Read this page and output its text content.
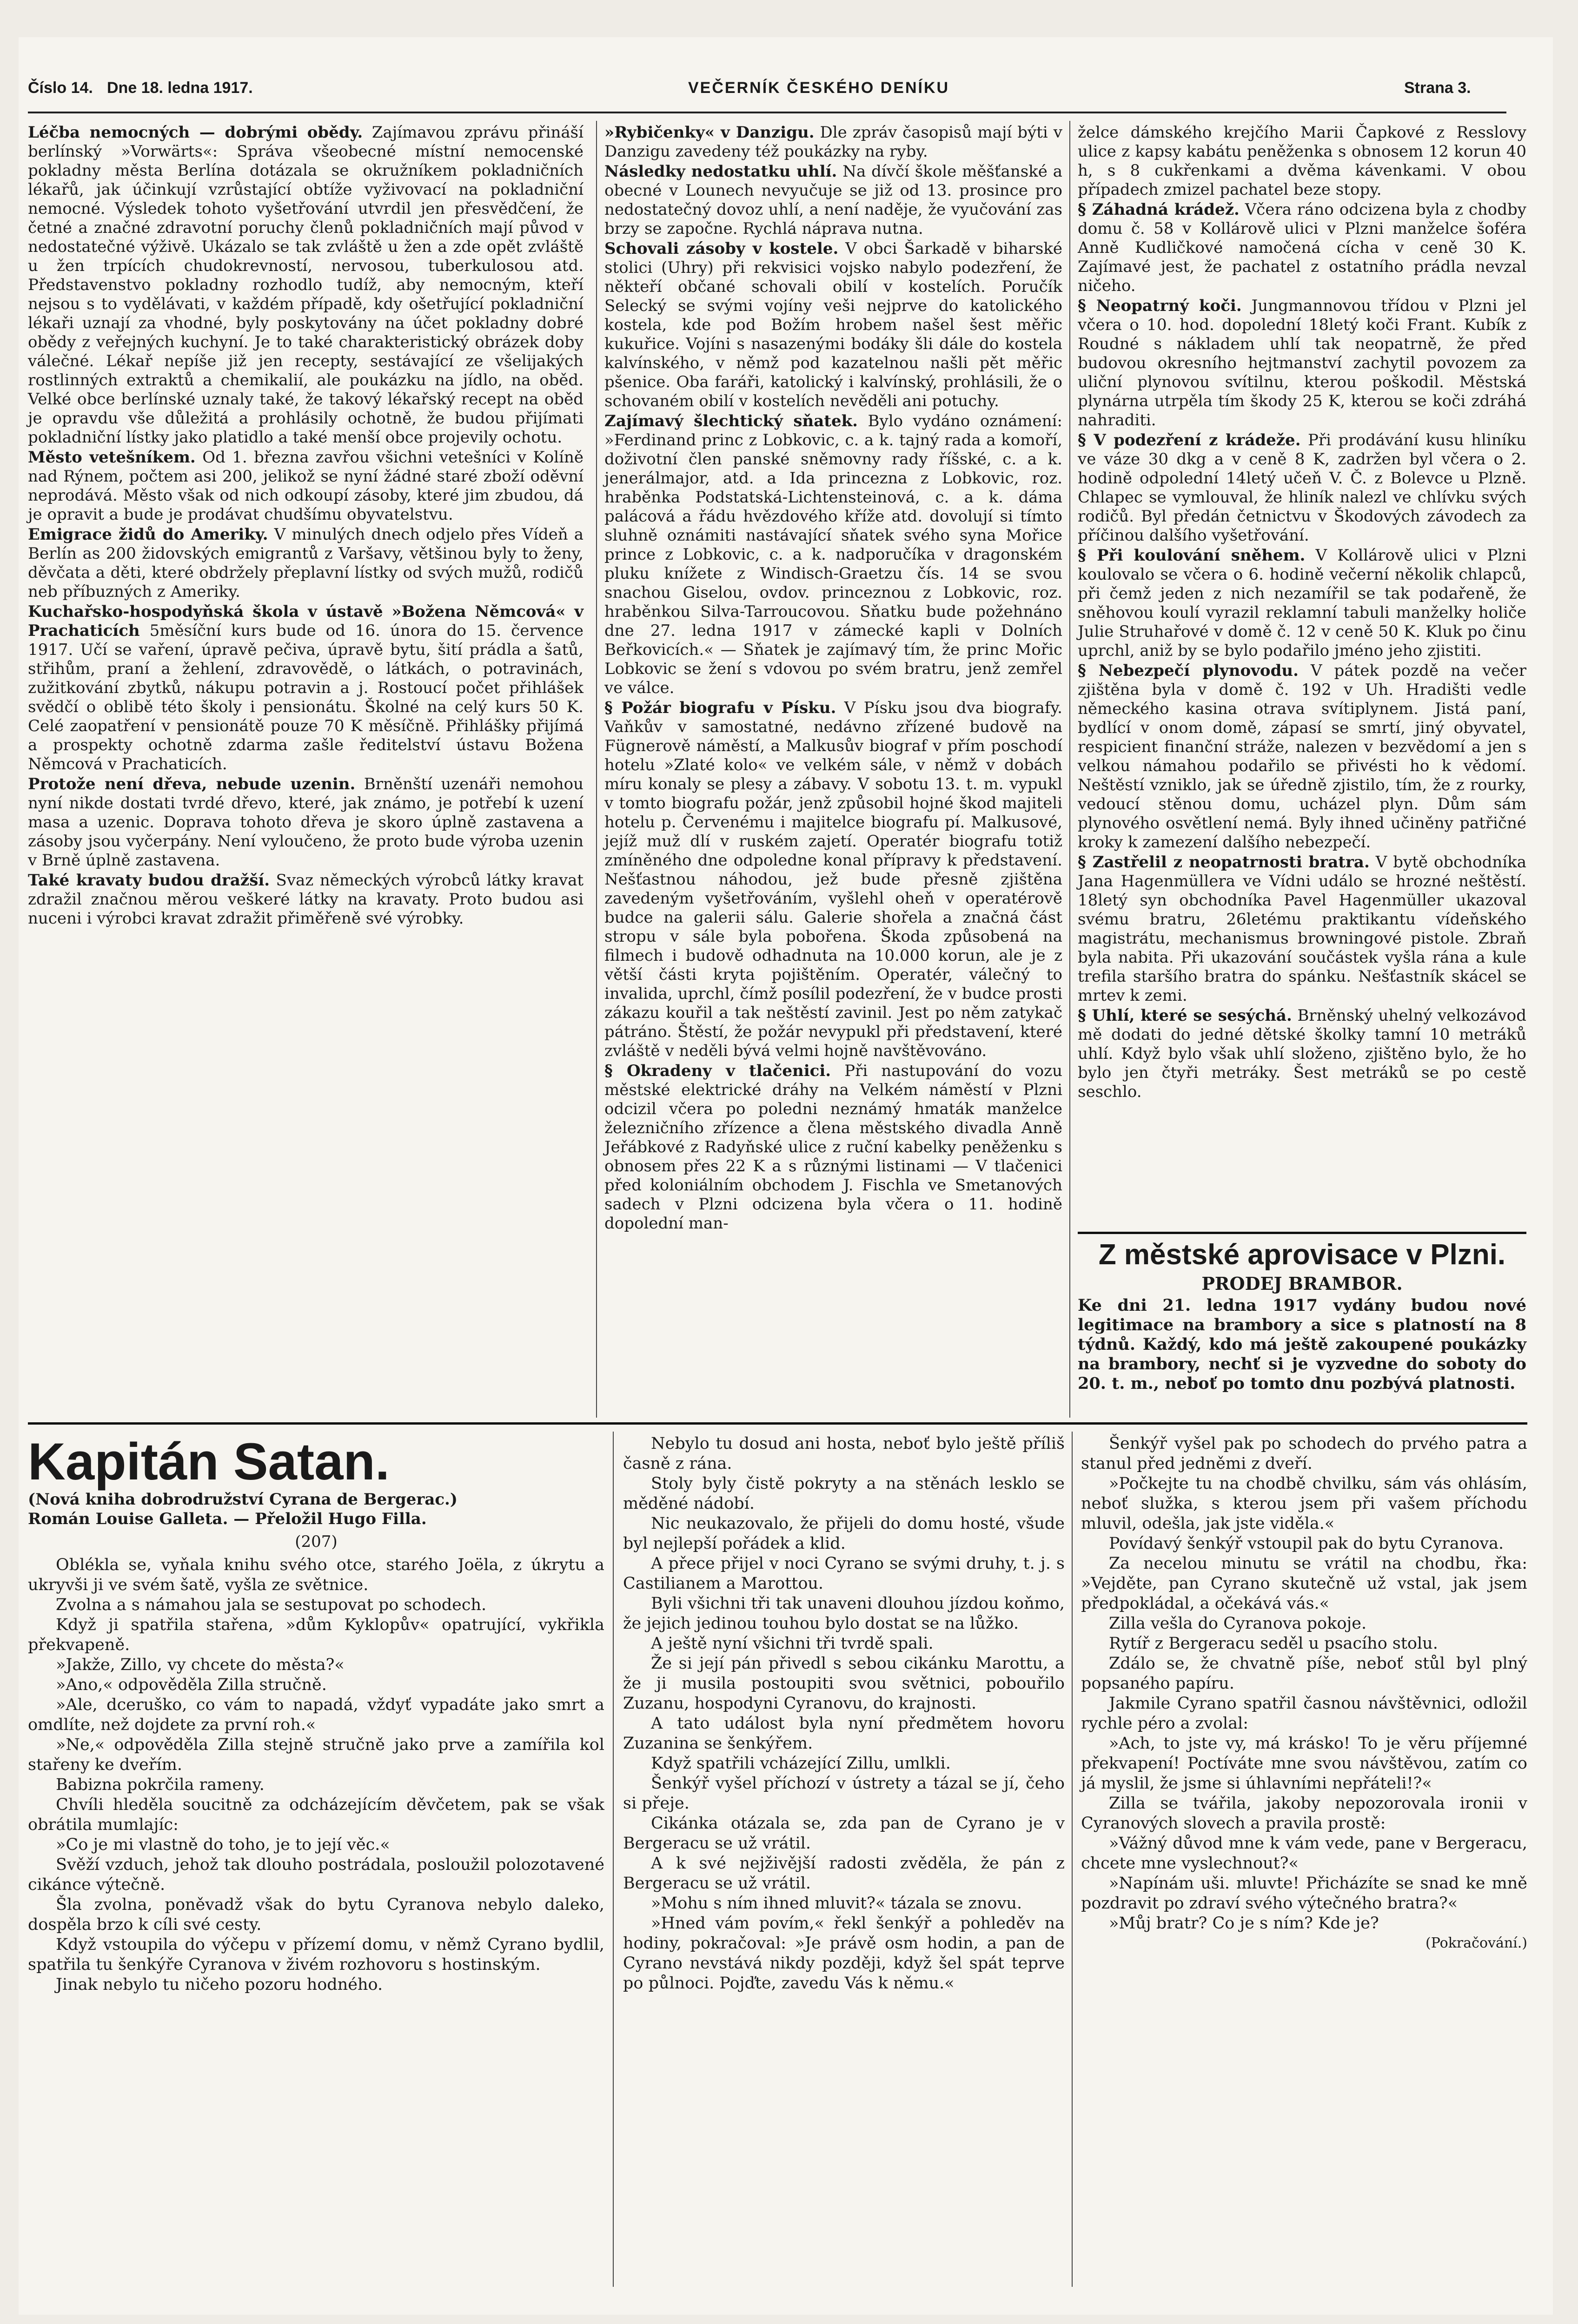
Číslo 14. Dne 18. ledna 1917.	VEČERNÍK ČESKÉHO DENÍKU	Strana 3.

Léčba nemocných — dobrými obědy. Zajímavou zprávu přináší berlínský »Vorwärts«: Správa všeobecné místní nemocenské pokladny města Berlína dotázala se okružníkem pokladničních lékařů, jak účinkují vzrůstající obtíže vyživovací na pokladniční nemocné. Výsledek tohoto vyšetřování utvrdil jen přesvědčení, že četné a značné zdravotní poruchy členů pokladničních mají původ v nedostatečné výživě. Ukázalo se tak zvláště u žen a zde opět zvláště u žen trpících chudokrevností, nervosou, tuberkulosou atd. Představenstvo pokladny rozhodlo tudíž, aby nemocným, kteří nejsou s to vydělávati, v každém případě, kdy ošetřující pokladniční lékaři uznají za vhodné, byly poskytovány na účet pokladny dobré obědy z veřejných kuchyní. Je to také charakteristický obrázek doby válečné. Lékař nepíše již jen recepty, sestávající ze všelijakých rostlinných extraktů a chemikalií, ale poukázku na jídlo, na oběd. Velké obce berlínské uznaly také, že takový lékařský recept na oběd je opravdu vše důležitá a prohlásily ochotně, že budou přijímati pokladniční lístky jako platidlo a také menší obce projevily ochotu.

Město vetešníkem. Od 1. března zavřou všichni vetešníci v Kolíně nad Rýnem, počtem asi 200, jelikož se nyní žádné staré zboží oděvní neprodává. Město však od nich odkoupí zásoby, které jim zbudou, dá je opravit a bude je prodávat chudšímu obyvatelstvu.

Emigrace židů do Ameriky. V minulých dnech odjelo přes Vídeň a Berlín as 200 židovských emigrantů z Varšavy, většinou byly to ženy, děvčata a děti, které obdržely přeplavní lístky od svých mužů, rodičů neb příbuzných z Ameriky.

Kuchařsko-hospodyňská škola v ústavě »Božena Němcová« v Prachaticích 5měsíční kurs bude od 16. února do 15. července 1917. Učí se vaření, úpravě pečiva, úpravě bytu, šití prádla a šatů, střihům, praní a žehlení, zdravovědě, o látkách, o potravinách, zužitkování zbytků, nákupu potravin a j. Rostoucí počet přihlášek svědčí o oblibě této školy i pensionátu. Školné na celý kurs 50 K. Celé zaopatření v pensionátě pouze 70 K měsíčně. Přihlášky přijímá a prospekty ochotně zdarma zašle ředitelství ústavu Božena Němcová v Prachaticích.

Protože není dřeva, nebude uzenin. Brněnští uzenáři nemohou nyní nikde dostati tvrdé dřevo, které, jak známo, je potřebí k uzení masa a uzenic. Doprava tohoto dřeva je skoro úplně zastavena a zásoby jsou vyčerpány. Není vyloučeno, že proto bude výroba uzenin v Brně úplně zastavena.

Také kravaty budou dražší. Svaz německých výrobců látky kravat zdražil značnou měrou veškeré látky na kravaty. Proto budou asi nuceni i výrobci kravat zdražit přiměřeně své výrobky.

»Rybičenky« v Danzigu. Dle zpráv časopisů mají býti v Danzigu zavedeny též poukázky na ryby.

Následky nedostatku uhlí. Na dívčí škole měšťanské a obecné v Lounech nevyučuje se již od 13. prosince pro nedostatečný dovoz uhlí, a není naděje, že vyučování zas brzy se započne. Rychlá náprava nutna.

Schovali zásoby v kostele. V obci Šarkadě v biharské stolici (Uhry) při rekvisici vojsko nabylo podezření, že někteří občané schovali obilí v kostelích. Poručík Selecký se svými vojíny veši nejprve do katolického kostela, kde pod Božím hrobem našel šest měřic kukuřice. Vojíni s nasazenými bodáky šli dále do kostela kalvínského, v němž pod kazatelnou našli pět měřic pšenice. Oba faráři, katolický i kalvínský, prohlásili, že o schovaném obilí v kostelích nevěděli ani potuchy.

Zajímavý šlechtický sňatek. Bylo vydáno oznámení: »Ferdinand princ z Lobkovic, c. a k. tajný rada a komoří, doživotní člen panské sněmovny rady říšské, c. a k. jenerálmajor, atd. a Ida princezna z Lobkovic, roz. hraběnka Podstatská-Lichtensteinová, c. a k. dáma palácová a řádu hvězdového kříže atd. dovolují si tímto sluhně oznámiti nastávající sňatek svého syna Mořice prince z Lobkovic, c. a k. nadporučíka v dragonském pluku knížete z Windisch-Graetzu čís. 14 se svou snachou Giselou, ovdov. princeznou z Lobkovic, roz. hraběnkou Silva-Tarroucovou. Sňatku bude požehnáno dne 27. ledna 1917 v zámecké kapli v Dolních Beřkovicích.« — Sňatek je zajímavý tím, že princ Mořic Lobkovic se žení s vdovou po svém bratru, jenž zemřel ve válce.

§ Požár biografu v Písku. V Písku jsou dva biografy. Vaňkův v samostatné, nedávno zřízené budově na Fügnerově náměstí, a Malkusův biograf v přím poschodí hotelu »Zlaté kolo« ve velkém sále, v němž v dobách míru konaly se plesy a zábavy. V sobotu 13. t. m. vypukl v tomto biografu požár, jenž způsobil hojné škod majiteli hotelu p. Červenému i majitelce biografu pí. Malkusové, jejíž muž dlí v ruském zajetí. Operatér biografu totiž zmíněného dne odpoledne konal přípravy k představení. Nešťastnou náhodou, jež bude přesně zjištěna zavedeným vyšetřováním, vyšlehl oheň v operatérově budce na galerii sálu. Galerie shořela a značná část stropu v sále byla pobořena. Škoda způsobená na filmech i budově odhadnuta na 10.000 korun, ale je z větší části kryta pojištěním. Operatér, válečný to invalida, uprchl, čímž posílil podezření, že v budce prosti zákazu kouřil a tak neštěstí zavinil. Jest po něm zatykač pátráno. Štěstí, že požár nevypukl při představení, které zvláště v neděli bývá velmi hojně navštěvováno.

§ Okradeny v tlačenici. Při nastupování do vozu městské elektrické dráhy na Velkém náměstí v Plzni odcizil včera po poledni neznámý hmaták manželce železničního zřízence a člena městského divadla Anně Jeřábkové z Radyňské ulice z ruční kabelky peněženku s obnosem přes 22 K a s různými listinami — V tlačenici před koloniálním obchodem J. Fischla ve Smetanových sadech v Plzni odcizena byla včera o 11. hodině dopolední man-

želce dámského krejčího Marii Čapkové z Resslovy ulice z kapsy kabátu peněženka s obnosem 12 korun 40 h, s 8 cukřenkami a dvěma kávenkami. V obou případech zmizel pachatel beze stopy.

§ Záhadná krádež. Včera ráno odcizena byla z chodby domu č. 58 v Kollárově ulici v Plzni manželce šoféra Anně Kudličkové namočená cícha v ceně 30 K. Zajímavé jest, že pachatel z ostatního prádla nevzal ničeho.

§ Neopatrný koči. Jungmannovou třídou v Plzni jel včera o 10. hod. dopolední 18letý koči Frant. Kubík z Roudné s nákladem uhlí tak neopatrně, že před budovou okresního hejtmanství zachytil povozem za uliční plynovou svítilnu, kterou poškodil. Městská plynárna utrpěla tím škody 25 K, kterou se koči zdráhá nahraditi.

§ V podezření z krádeže. Při prodávání kusu hliníku ve váze 30 dkg a v ceně 8 K, zadržen byl včera o 2. hodině odpolední 14letý učeň V. Č. z Bolevce u Plzně. Chlapec se vymlouval, že hliník nalezl ve chlívku svých rodičů. Byl předán četnictvu v Škodových závodech za příčinou dalšího vyšetřování.

§ Při koulování sněhem. V Kollárově ulici v Plzni koulovalo se včera o 6. hodině večerní několik chlapců, při čemž jeden z nich nezamířil se tak podařeně, že sněhovou koulí vyrazil reklamní tabuli manželky holiče Julie Struhařové v domě č. 12 v ceně 50 K. Kluk po činu uprchl, aniž by se bylo podařilo jméno jeho zjistiti.

§ Nebezpečí plynovodu. V pátek pozdě na večer zjištěna byla v domě č. 192 v Uh. Hradišti vedle německého kasina otrava svítiplynem. Jistá paní, bydlící v onom domě, zápasí se smrtí, jiný obyvatel, respicient finanční stráže, nalezen v bezvědomí a jen s velkou námahou podařilo se přivésti ho k vědomí. Neštěstí vzniklo, jak se úředně zjistilo, tím, že z rourky, vedoucí stěnou domu, ucházel plyn. Dům sám plynového osvětlení nemá. Byly ihned učiněny patřičné kroky k zamezení dalšího nebezpečí.

§ Zastřelil z neopatrnosti bratra. V bytě obchodníka Jana Hagenmüllera ve Vídni událo se hrozné neštěstí. 18letý syn obchodníka Pavel Hagenmüller ukazoval svému bratru, 26letému praktikantu vídeňského magistrátu, mechanismus browningové pistole. Zbraň byla nabita. Při ukazování součástek vyšla rána a kule trefila staršího bratra do spánku. Nešťastník skácel se mrtev k zemi.

§ Uhlí, které se sesýchá. Brněnský uhelný velkozávod mě dodati do jedné dětské školky tamní 10 metráků uhlí. Když bylo však uhlí složeno, zjištěno bylo, že ho bylo jen čtyři metráky. Šest metráků se po cestě seschlo.

Z městské aprovisace v Plzni.
PRODEJ BRAMBOR.
Ke dni 21. ledna 1917 vydány budou nové legitimace na brambory a sice s platností na 8 týdnů. Každý, kdo má ještě zakoupené poukázky na brambory, nechť si je vyzvedne do soboty do 20. t. m., neboť po tomto dnu pozbývá platnosti.
Kapitán Satan.
(Nová kniha dobrodružství Cyrana de Bergerac.)
Román Louise Galleta. — Přeložil Hugo Filla.
(207)

Oblékla se, vyňala knihu svého otce, starého Joëla, z úkrytu a ukryvši ji ve svém šatě, vyšla ze světnice.

Zvolna a s námahou jala se sestupovat po schodech.

Když ji spatřila stařena, »dům Kyklopův« opatrující, vykřikla překvapeně.

»Jakže, Zillo, vy chcete do města?«

»Ano,« odpověděla Zilla stručně.

»Ale, dceruško, co vám to napadá, vždyť vypadáte jako smrt a omdlíte, než dojdete za první roh.«

»Ne,« odpověděla Zilla stejně stručně jako prve a zamířila kol stařeny ke dveřím.

Babizna pokrčila rameny.

Chvíli hleděla soucitně za odcházejícím děvčetem, pak se však obrátila mumlajíc:

»Co je mi vlastně do toho, je to její věc.«

Svěží vzduch, jehož tak dlouho postrádala, posloužil polozotavené cikánce výtečně.

Šla zvolna, poněvadž však do bytu Cyranova nebylo daleko, dospěla brzo k cíli své cesty.

Když vstoupila do výčepu v přízemí domu, v němž Cyrano bydlil, spatřila tu šenkýře Cyranova v živém rozhovoru s hostinským.

Jinak nebylo tu ničeho pozoru hodného.

Nebylo tu dosud ani hosta, neboť bylo ještě příliš časně z rána.

Stoly byly čistě pokryty a na stěnách lesklo se měděné nádobí.

Nic neukazovalo, že přijeli do domu hosté, všude byl nejlepší pořádek a klid.

A přece přijel v noci Cyrano se svými druhy, t. j. s Castilianem a Marottou.

Byli všichni tři tak unaveni dlouhou jízdou koňmo, že jejich jedinou touhou bylo dostat se na lůžko.

A ještě nyní všichni tři tvrdě spali.

Že si její pán přivedl s sebou cikánku Marottu, a že ji musila postoupiti svou světnici, pobouřilo Zuzanu, hospodyni Cyranovu, do krajnosti.

A tato událost byla nyní předmětem hovoru Zuzanina se šenkýřem.

Když spatřili vcházející Zillu, umlkli.

Šenkýř vyšel příchozí v ústrety a tázal se jí, čeho si přeje.

Cikánka otázala se, zda pan de Cyrano je v Bergeracu se už vrátil.

A k své nejživější radosti zvěděla, že pán z Bergeracu se už vrátil.

»Mohu s ním ihned mluvit?« tázala se znovu.

»Hned vám povím,« řekl šenkýř a pohleděv na hodiny, pokračoval: »Je právě osm hodin, a pan de Cyrano nevstává nikdy později, když šel spát teprve po půlnoci. Pojďte, zavedu Vás k němu.«

Šenkýř vyšel pak po schodech do prvého patra a stanul před jedněmi z dveří.

»Počkejte tu na chodbě chvilku, sám vás ohlásím, neboť služka, s kterou jsem při vašem příchodu mluvil, odešla, jak jste viděla.«

Povídavý šenkýř vstoupil pak do bytu Cyranova.

Za necelou minutu se vrátil na chodbu, řka: »Vejděte, pan Cyrano skutečně už vstal, jak jsem předpokládal, a očekává vás.«

Zilla vešla do Cyranova pokoje.

Rytíř z Bergeracu seděl u psacího stolu.

Zdálo se, že chvatně píše, neboť stůl byl plný popsaného papíru.

Jakmile Cyrano spatřil časnou návštěvnici, odložil rychle péro a zvolal:

»Ach, to jste vy, má krásko! To je věru příjemné překvapení! Poctíváte mne svou návštěvou, zatím co já myslil, že jsme si úhlavními nepřáteli!?«

Zilla se tvářila, jakoby nepozorovala ironii v Cyranových slovech a pravila prostě:

»Vážný důvod mne k vám vede, pane v Bergeracu, chcete mne vyslechnout?«

»Napínám uši. mluvte! Přicházíte se snad ke mně pozdravit po zdraví svého výtečného bratra?«

»Můj bratr? Co je s ním? Kde je?

(Pokračování.)
